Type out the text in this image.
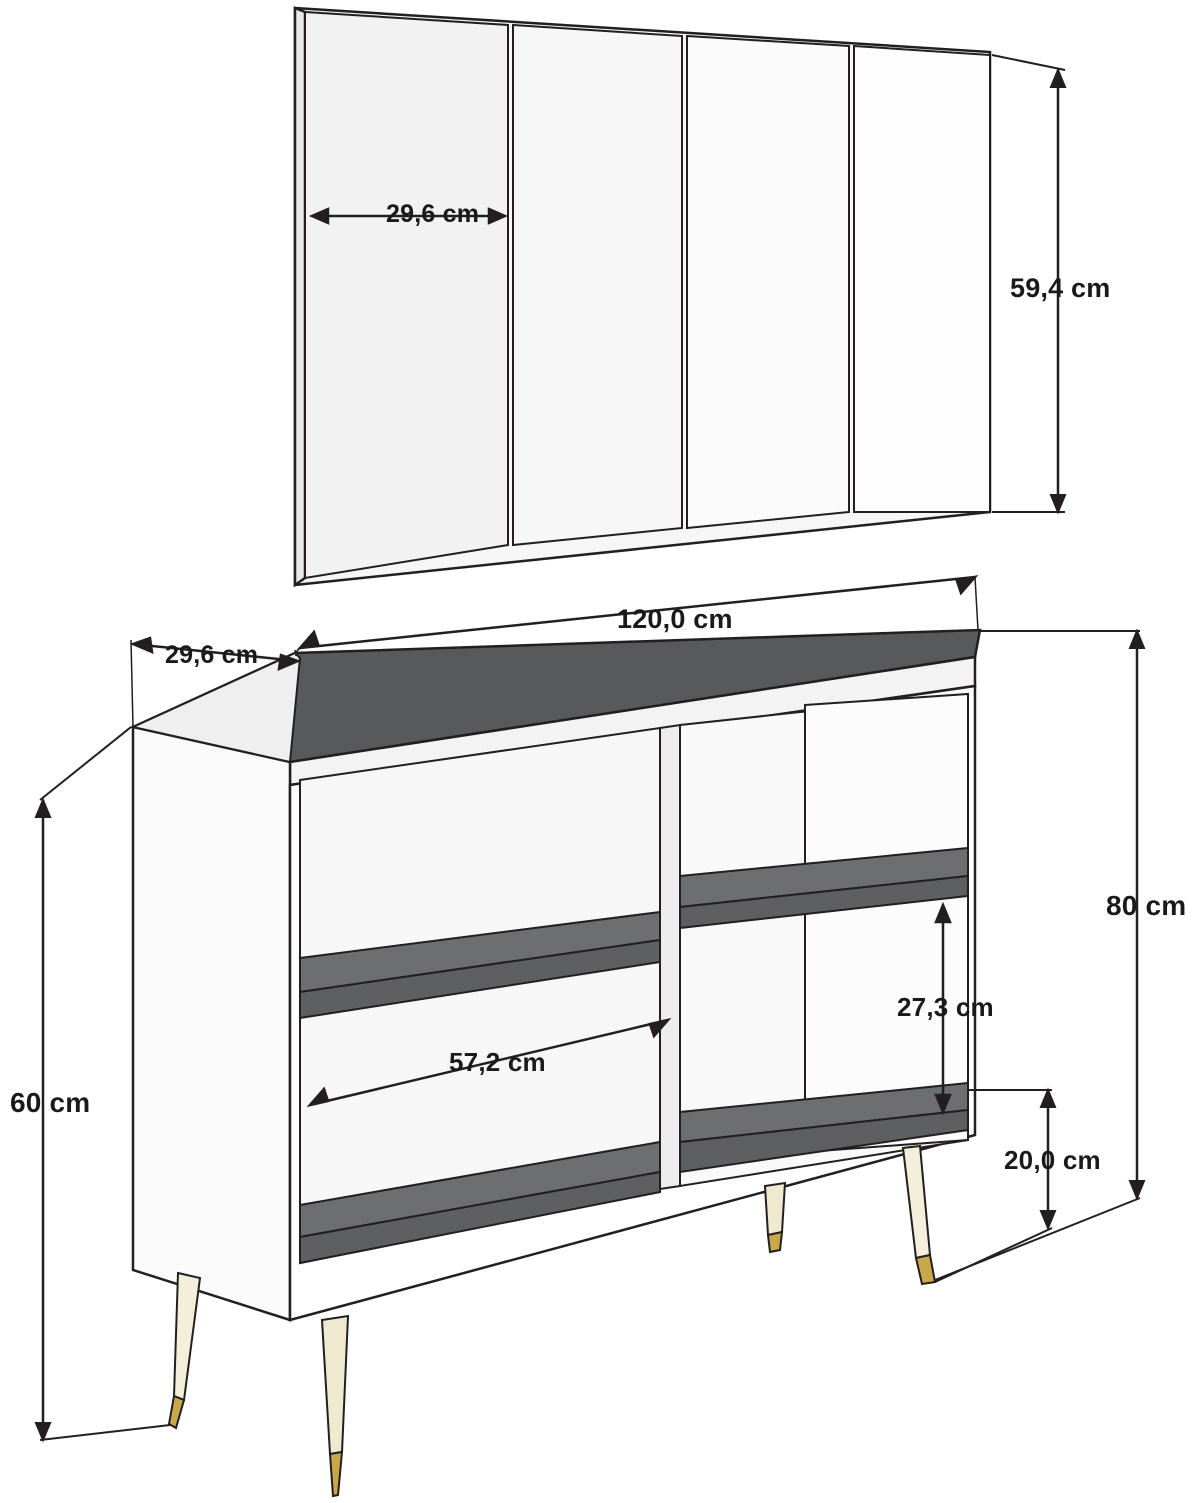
29,6 cm
59,4 cm
120,0 cm
29,6 cm
80 cm
60 cm
57,2 cm
27,3 cm
20,0 cm
